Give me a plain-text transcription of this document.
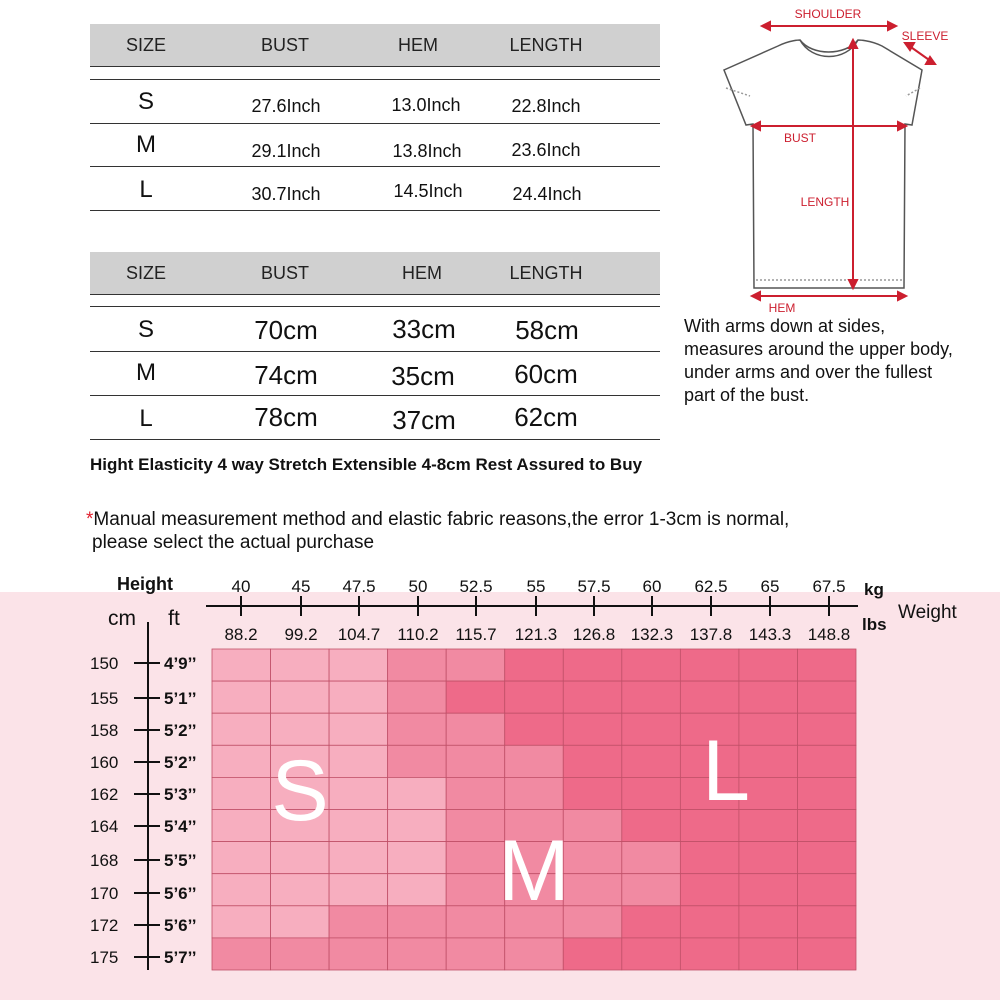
SIZE	BUST	HEM	LENGTH
S	27.6Inch	13.0Inch	22.8Inch
M	29.1Inch	13.8Inch	23.6Inch
L	30.7Inch	14.5Inch	24.4Inch
SIZE	BUST	HEM	LENGTH
S	70cm	33cm 58cm
M	74cm	35cm 60cm
L	78cm	37cm 62cm
SHOULDER
SLEEVE
BUST
LENGTH
HEM
With arms down at sides,
measures around the upper body,
under arms and over the fullest
part of the bust.
Hight Elasticity 4 way Stretch Extensible 4-8cm Rest Assured to Buy
*Manual measurement method and elastic fabric reasons,the error 1-3cm is normal,
please select the actual purchase
S
M
L
40
88.2
45
99.2
47.5
104.7
50
110.2
52.5
115.7
55
121.3
57.5
126.8
60
132.3
62.5
137.8
65
143.3
67.5
148.8
kg
lbs
Weight
Height
cm ft
150	4’9’’
155	5’1’’
158	5’2’’
160	5’2’’
162	5’3’’
164	5’4’’
168	5’5’’
170	5’6’’
172	5’6’’
175	5’7’’
